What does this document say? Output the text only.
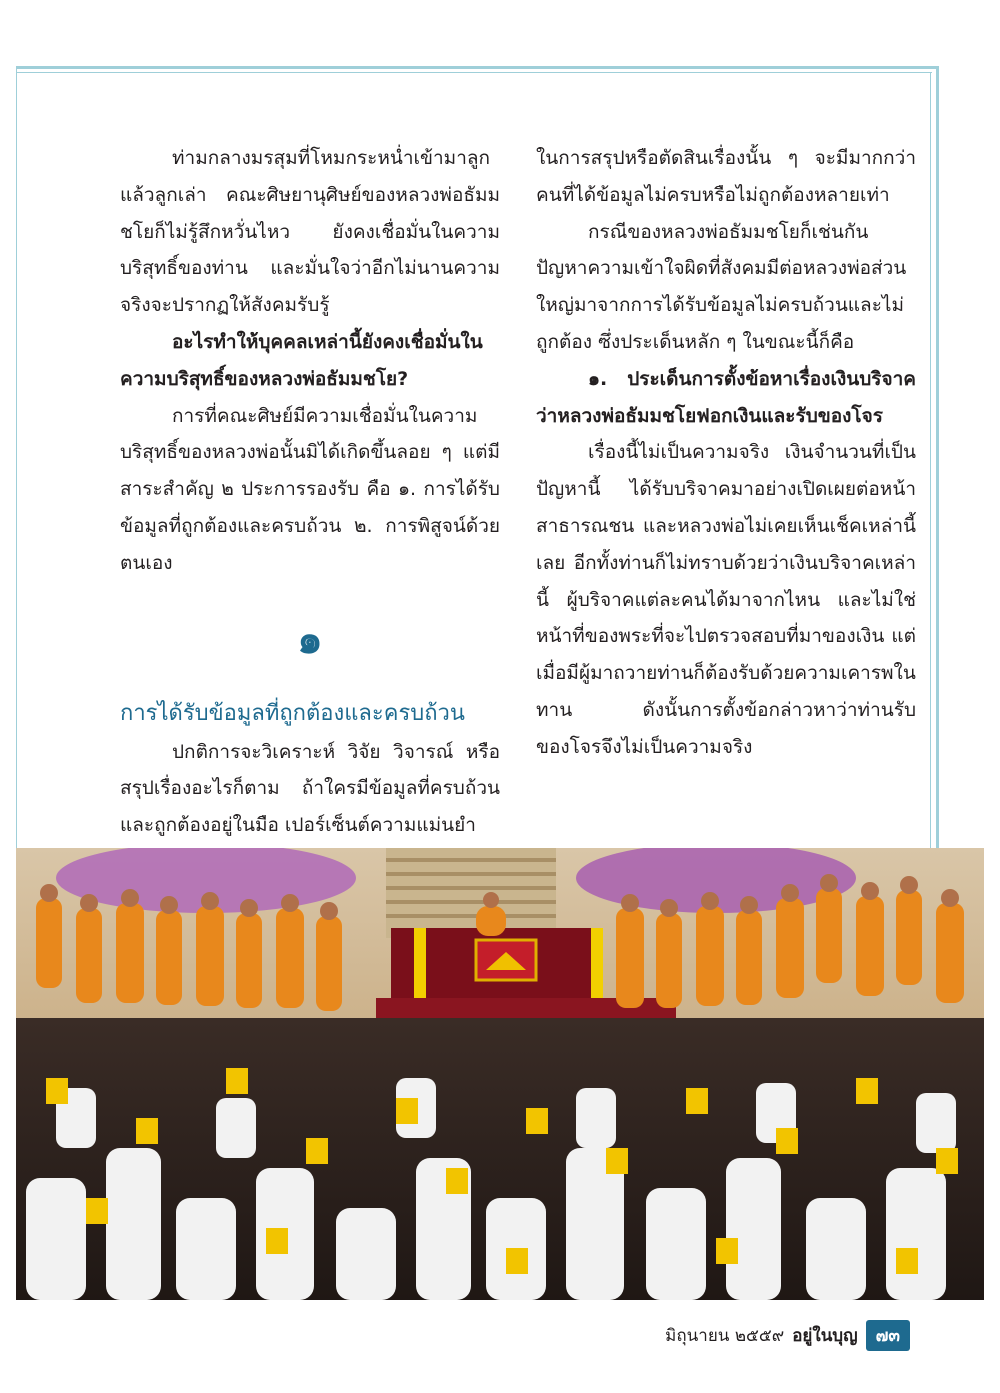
ท่ามกลางมรสุมที่โหมกระหน่ำเข้ามาลูกแล้วลูกเล่า คณะศิษยานุศิษย์ของหลวงพ่อธัมมชโยก็ไม่รู้สึกหวั่นไหว ยังคงเชื่อมั่นในความบริสุทธิ์ของท่าน และมั่นใจว่าอีกไม่นานความจริงจะปรากฏให้สังคมรับรู้

อะไรทำให้บุคคลเหล่านี้ยังคงเชื่อมั่นในความบริสุทธิ์ของหลวงพ่อธัมมชโย?

การที่คณะศิษย์มีความเชื่อมั่นในความบริสุทธิ์ของหลวงพ่อนั้นมิได้เกิดขึ้นลอย ๆ แต่มีสาระสำคัญ ๒ ประการรองรับ คือ ๑. การได้รับข้อมูลที่ถูกต้องและครบถ้วน ๒. การพิสูจน์ด้วยตนเอง

๑

การได้รับข้อมูลที่ถูกต้องและครบถ้วน

ปกติการจะวิเคราะห์ วิจัย วิจารณ์ หรือสรุปเรื่องอะไรก็ตาม ถ้าใครมีข้อมูลที่ครบถ้วนและถูกต้องอยู่ในมือ เปอร์เซ็นต์ความแม่นยำ

ในการสรุปหรือตัดสินเรื่องนั้น ๆ จะมีมากกว่าคนที่ได้ข้อมูลไม่ครบหรือไม่ถูกต้องหลายเท่า

กรณีของหลวงพ่อธัมมชโยก็เช่นกัน ปัญหาความเข้าใจผิดที่สังคมมีต่อหลวงพ่อส่วนใหญ่มาจากการได้รับข้อมูลไม่ครบถ้วนและไม่ถูกต้อง ซึ่งประเด็นหลัก ๆ ในขณะนี้ก็คือ

๑. ประเด็นการตั้งข้อหาเรื่องเงินบริจาคว่าหลวงพ่อธัมมชโยฟอกเงินและรับของโจร

เรื่องนี้ไม่เป็นความจริง เงินจำนวนที่เป็นปัญหานี้ ได้รับบริจาคมาอย่างเปิดเผยต่อหน้าสาธารณชน และหลวงพ่อไม่เคยเห็นเช็คเหล่านี้เลย อีกทั้งท่านก็ไม่ทราบด้วยว่าเงินบริจาคเหล่านี้ ผู้บริจาคแต่ละคนได้มาจากไหน และไม่ใช่หน้าที่ของพระที่จะไปตรวจสอบที่มาของเงิน แต่เมื่อมีผู้มาถวายท่านก็ต้องรับด้วยความเคารพในทาน ดังนั้นการตั้งข้อกล่าวหาว่าท่านรับของโจรจึงไม่เป็นความจริง

มิถุนายน ๒๕๕๙ อยู่ในบุญ	๗๓
